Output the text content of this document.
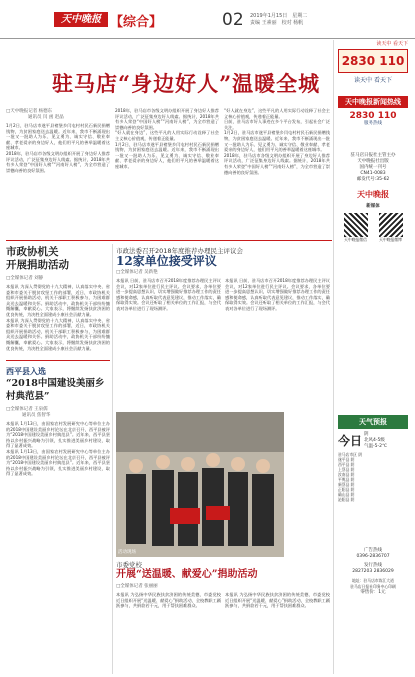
天中晚报 【综合】	02 2019年1月15日　星期二
责编 王素丽　校对 杨帆
读天中 看天下
2830 110
读天中 看天下
驻马店“身边好人”温暖全城
□天中晚报记者 杨德东
通讯员 闫 函 赵晶
1月2日，驻马店市遂平县褚堡乡闫屯村村民石新民捐赠钱物，为贫困家庭送去温暖。近年来，我市不断涌现出一批又一批助人为乐、见义勇为、诚实守信、敬业奉献、孝老爱亲的身边好人，他们用平凡的善举温暖着这座城市。
2018年，驻马店市各级文明办组织开展了身边好人推荐评议活动，广泛征集身边好人线索。据统计，2018年共有多人荣登“中国好人榜”“河南好人榜”，为全市营造了崇德向善的良好氛围。
2018年，驻马店市各级文明办组织开展了身边好人推荐评议活动，广泛征集身边好人线索。据统计，2018年共有多人荣登“中国好人榜”“河南好人榜”，为全市营造了崇德向善的良好氛围。
“好人就在身边”，这些平凡的人用实际行动诠释了社会主义核心价值观，传递着正能量。
1月2日，驻马店市遂平县褚堡乡闫屯村村民石新民捐赠钱物，为贫困家庭送去温暖。近年来，我市不断涌现出一批又一批助人为乐、见义勇为、诚实守信、敬业奉献、孝老爱亲的身边好人，他们用平凡的善举温暖着这座城市。
“好人就在身边”，这些平凡的人用实际行动诠释了社会主义核心价值观，传递着正能量。
日前，驻马店市好人事迹在多个平台发布，引起社会广泛关注。
1月2日，驻马店市遂平县褚堡乡闫屯村村民石新民捐赠钱物，为贫困家庭送去温暖。近年来，我市不断涌现出一批又一批助人为乐、见义勇为、诚实守信、敬业奉献、孝老爱亲的身边好人，他们用平凡的善举温暖着这座城市。
2018年，驻马店市各级文明办组织开展了身边好人推荐评议活动，广泛征集身边好人线索。据统计，2018年共有多人荣登“中国好人榜”“河南好人榜”，为全市营造了崇德向善的良好氛围。
市政协机关
开展捐助活动
□全媒体记者 刘静
本报讯 为深入贯彻党的十九大精神，认真落实中央、省委和市委关于脱贫攻坚工作的部署，近日，市政协机关组织开展捐助活动，机关干部职工积极参与，为困难群众送去温暖和关怀。捐助活动中，政协机关干部纷纷慷慨解囊，奉献爱心。大家表示，将继续发扬扶贫济困的优良传统，为决胜全面建成小康社会贡献力量。
本报讯 为深入贯彻党的十九大精神，认真落实中央、省委和市委关于脱贫攻坚工作的部署，近日，市政协机关组织开展捐助活动，机关干部职工积极参与，为困难群众送去温暖和关怀。捐助活动中，政协机关干部纷纷慷慨解囊，奉献爱心。大家表示，将继续发扬扶贫济困的优良传统，为决胜全面建成小康社会贡献力量。
西平县入选
“2018中国建设美丽乡村典范县”
□全媒体记者 王泉儒
通讯员 焦智华
本报讯 1月13日，由国家农村发展研究中心等单位主办的2018中国建设美丽乡村论坛在北京召开，西平县被评为“2018中国建设美丽乡村典范县”。近年来，西平县坚持以乡村振兴战略为引领，扎实推进美丽乡村建设，取得了显著成效。
本报讯 1月13日，由国家农村发展研究中心等单位主办的2018中国建设美丽乡村论坛在北京召开，西平县被评为“2018中国建设美丽乡村典范县”。近年来，西平县坚持以乡村振兴战略为引领，扎实推进美丽乡村建设，取得了显著成效。
市政法委召开2018年度推荐办理民主评议会
12家单位接受评议
□全媒体记者 吴新艳
本报讯 日前，驻马店市召开2018年度推荐办理民主评议会议，对12家单位进行民主评议。会议要求，各单位要进一步提高思想认识，切实增强做好推荐办理工作的责任感和使命感，认真听取代表意见建议，推动工作落实，确保取得实效。会议还听取了相关单位的工作汇报，与会代表对各单位进行了现场测评。
本报讯 日前，驻马店市召开2018年度推荐办理民主评议会议，对12家单位进行民主评议。会议要求，各单位要进一步提高思想认识，切实增强做好推荐办理工作的责任感和使命感，认真听取代表意见建议，推动工作落实，确保取得实效。会议还听取了相关单位的工作汇报，与会代表对各单位进行了现场测评。
市委党校
开展“送温暖、献爱心”捐助活动
□全媒体记者 张丽丽
本报讯 为弘扬中华民族扶贫济困的传统美德，市委党校近日组织开展“送温暖、献爱心”捐助活动，全校教职工踊跃参与，共捐款若干元，用于帮扶困难群众。
本报讯 为弘扬中华民族扶贫济困的传统美德，市委党校近日组织开展“送温暖、献爱心”捐助活动，全校教职工踊跃参与，共捐款若干元，用于帮扶困难群众。
天中晚报新闻热线
2830 110
服务热线
驻马店日报社主管主办
天中晚报社出版
国内统一刊号
CN41-0083
邮发代号:35-62
天中晚报
新媒体
天中晚报微信	天中晚报微博
天气预报
今日 阴
北风4-5级
气温-5-2℃
驻马店市区 阴
遂平县 阴
西平县 阴
上蔡县 阴
汝南县 阴
平舆县 阴
新蔡县 阴
正阳县 阴
确山县 阴
泌阳县 阴
广告热线
0396-2836707
发行热线
2827203 2836029
地址：驻马店市练江大道
驻马店日报社印务中心印刷
零售价：1元
活动现场
